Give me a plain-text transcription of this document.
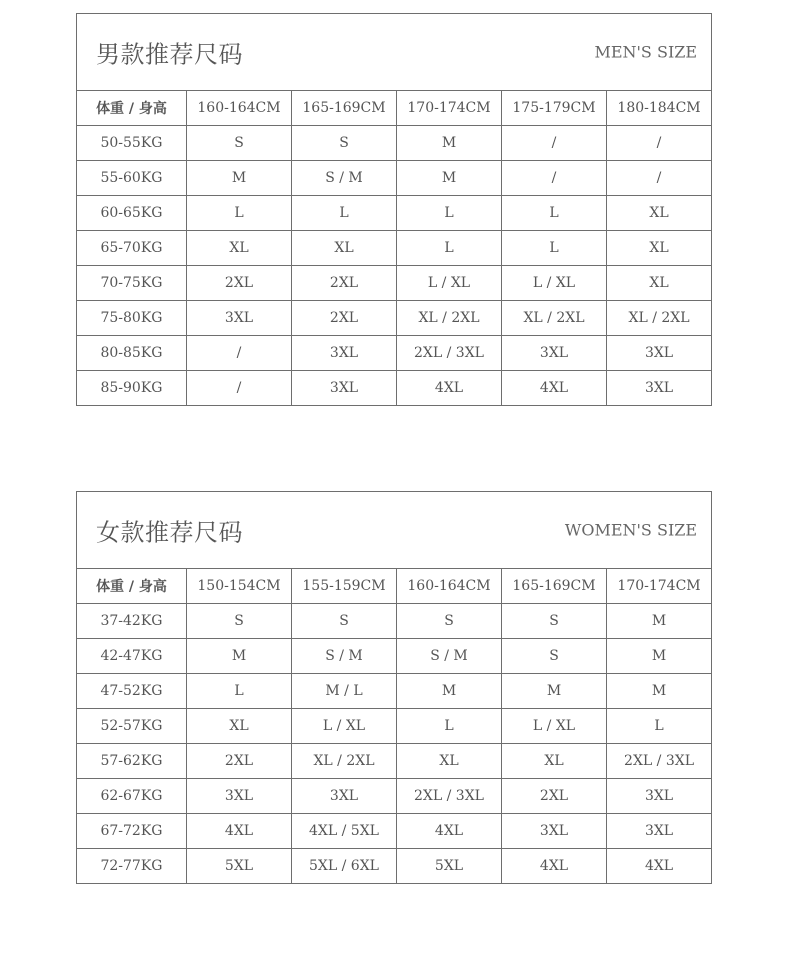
男款推荐尺码 MEN'S SIZE					

体重 / 身高	160-164CM	165-169CM	170-174CM	175-179CM	180-184CM
50-55KG	S	S	M	/	/
55-60KG	M	S / M	M	/	/
60-65KG	L	L	L	L	XL
65-70KG	XL	XL	L	L	XL
70-75KG	2XL	2XL	L / XL	L / XL	XL
75-80KG	3XL	2XL	XL / 2XL	XL / 2XL	XL / 2XL
80-85KG	/	3XL	2XL / 3XL	3XL	3XL
85-90KG	/	3XL	4XL	4XL	3XL
女款推荐尺码 WOMEN'S SIZE					

体重 / 身高	150-154CM	155-159CM	160-164CM	165-169CM	170-174CM
37-42KG	S	S	S	S	M
42-47KG	M	S / M	S / M	S	M
47-52KG	L	M / L	M	M	M
52-57KG	XL	L / XL	L	L / XL	L
57-62KG	2XL	XL / 2XL	XL	XL	2XL / 3XL
62-67KG	3XL	3XL	2XL / 3XL	2XL	3XL
67-72KG	4XL	4XL / 5XL	4XL	3XL	3XL
72-77KG	5XL	5XL / 6XL	5XL	4XL	4XL
